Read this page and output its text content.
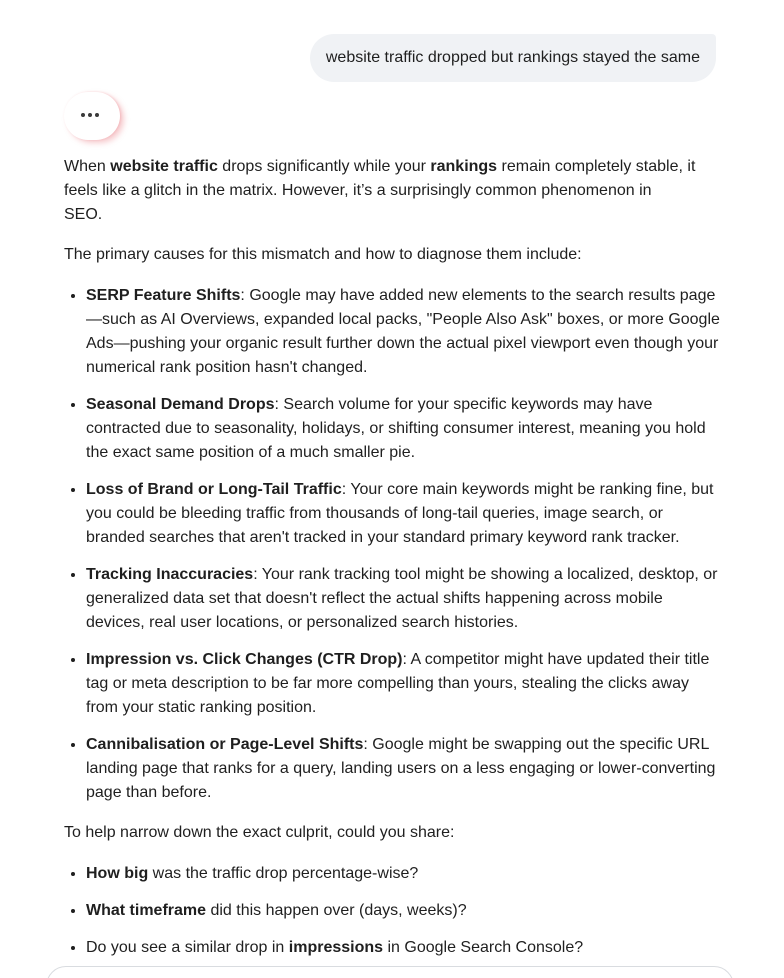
website traffic dropped but rankings stayed the same

When website traffic drops significantly while your rankings remain completely stable, it feels like a glitch in the matrix. However, it’s a surprisingly common phenomenon in
SEO.

The primary causes for this mismatch and how to diagnose them include:

• SERP Feature Shifts: Google may have added new elements to the search results page—such as AI Overviews, expanded local packs, "People Also Ask" boxes, or more Google Ads—pushing your organic result further down the actual pixel viewport even though your numerical rank position hasn't changed.
• Seasonal Demand Drops: Search volume for your specific keywords may have contracted due to seasonality, holidays, or shifting consumer interest, meaning you hold the exact same position of a much smaller pie.
• Loss of Brand or Long-Tail Traffic: Your core main keywords might be ranking fine, but you could be bleeding traffic from thousands of long-tail queries, image search, or branded searches that aren't tracked in your standard primary keyword rank tracker.
• Tracking Inaccuracies: Your rank tracking tool might be showing a localized, desktop, or generalized data set that doesn't reflect the actual shifts happening across mobile devices, real user locations, or personalized search histories.
• Impression vs. Click Changes (CTR Drop): A competitor might have updated their title tag or meta description to be far more compelling than yours, stealing the clicks away from your static ranking position.
• Cannibalisation or Page-Level Shifts: Google might be swapping out the specific URL landing page that ranks for a query, landing users on a less engaging or lower-converting page than before.

To help narrow down the exact culprit, could you share:

• How big was the traffic drop percentage-wise?
• What timeframe did this happen over (days, weeks)?
• Do you see a similar drop in impressions in Google Search Console?
